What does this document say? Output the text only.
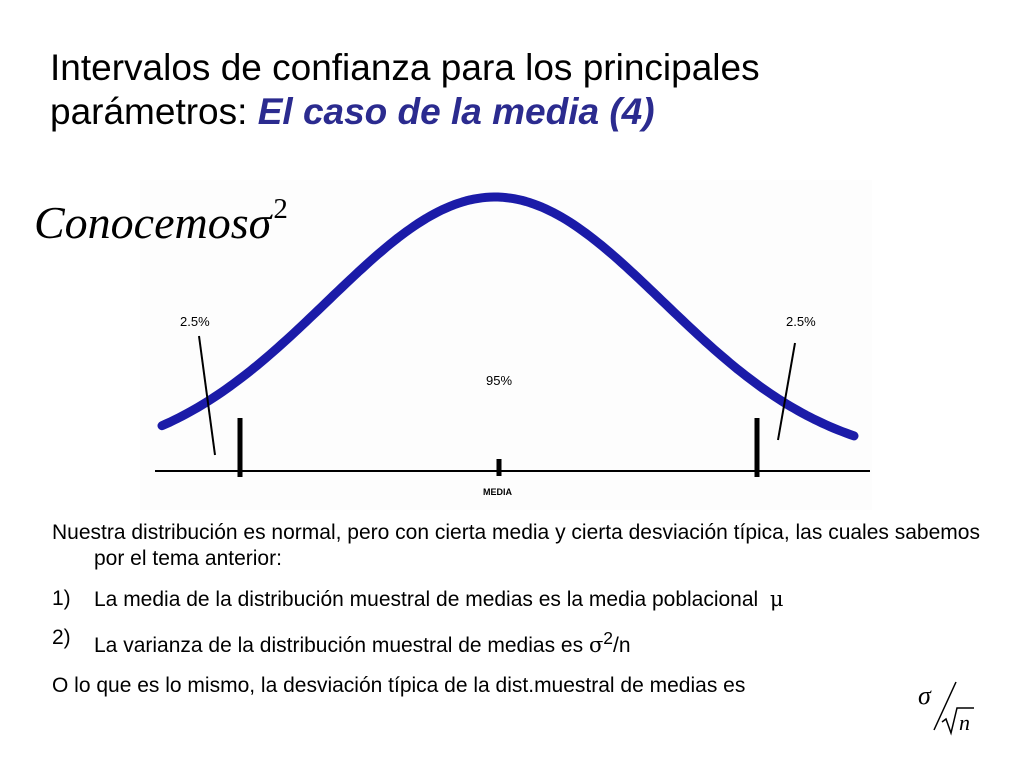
Intervalos de confianza para los principales
parámetros: El caso de la media (4)
2.5%	2.5%
95%
MEDIA
Conocemosσ$^2$

Nuestra distribución es normal, pero con cierta media y cierta desviación típica, las cuales sabemos por el tema anterior:

1)	La media de la distribución muestral de medias es la media poblacional μ
2)	La varianza de la distribución muestral de medias es $\sigma^2/n$

O lo que es lo mismo, la desviación típica de la dist.muestral de medias es	σ
n
